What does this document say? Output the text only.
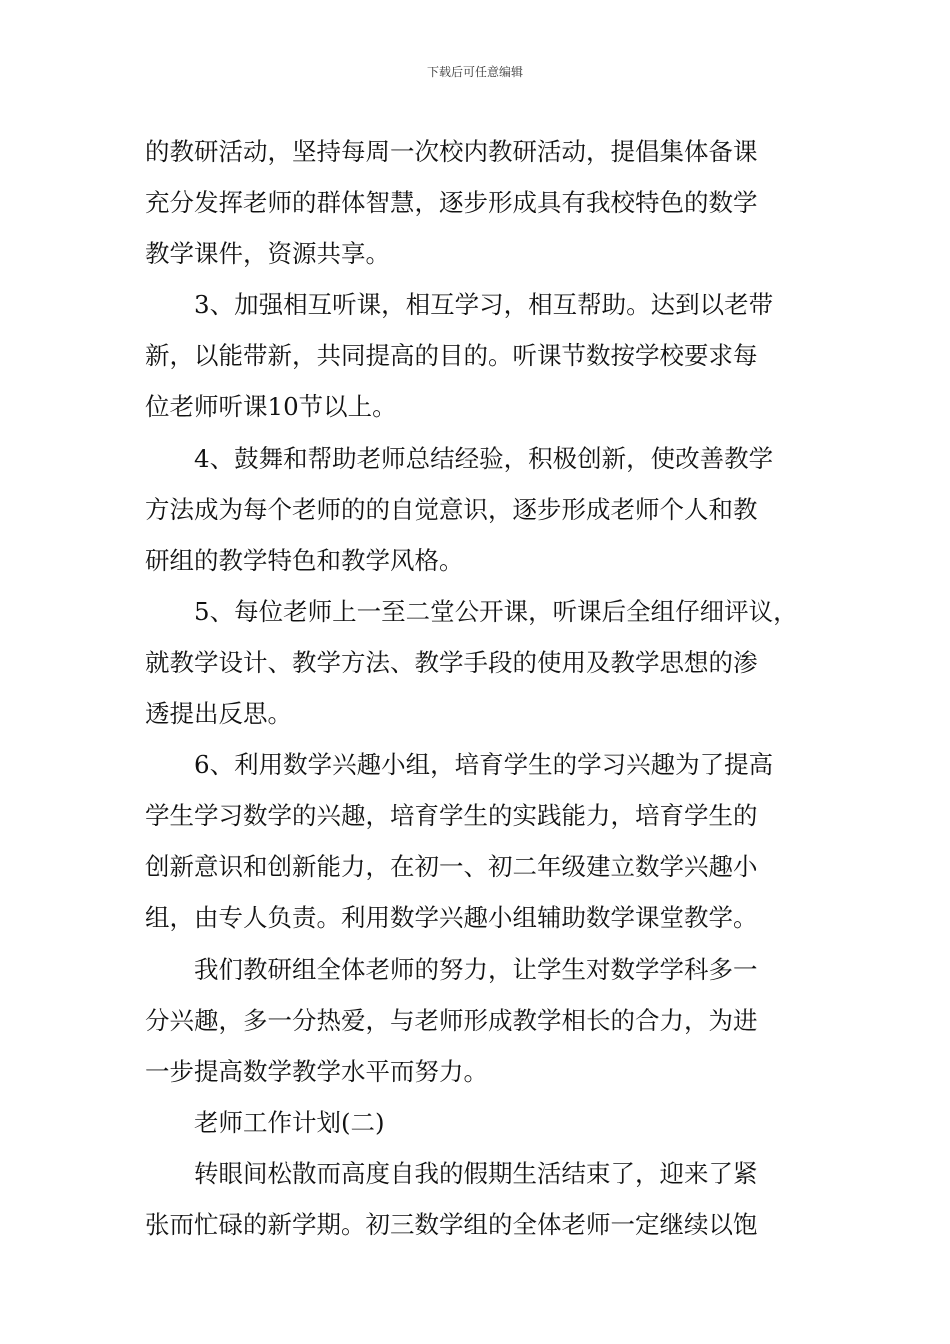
下载后可任意编辑
的教研活动，坚持每周一次校内教研活动，提倡集体备课
充分发挥老师的群体智慧，逐步形成具有我校特色的数学
教学课件，资源共享。
3、加强相互听课，相互学习，相互帮助。达到以老带
新，以能带新，共同提高的目的。听课节数按学校要求每
位老师听课10节以上。
4、鼓舞和帮助老师总结经验，积极创新，使改善教学
方法成为每个老师的的自觉意识，逐步形成老师个人和教
研组的教学特色和教学风格。
5、每位老师上一至二堂公开课，听课后全组仔细评议，
就教学设计、教学方法、教学手段的使用及教学思想的渗
透提出反思。
6、利用数学兴趣小组，培育学生的学习兴趣为了提高
学生学习数学的兴趣，培育学生的实践能力，培育学生的
创新意识和创新能力，在初一、初二年级建立数学兴趣小
组，由专人负责。利用数学兴趣小组辅助数学课堂教学。
我们教研组全体老师的努力，让学生对数学学科多一
分兴趣，多一分热爱，与老师形成教学相长的合力，为进
一步提高数学教学水平而努力。
老师工作计划(二)
转眼间松散而高度自我的假期生活结束了，迎来了紧
张而忙碌的新学期。初三数学组的全体老师一定继续以饱
